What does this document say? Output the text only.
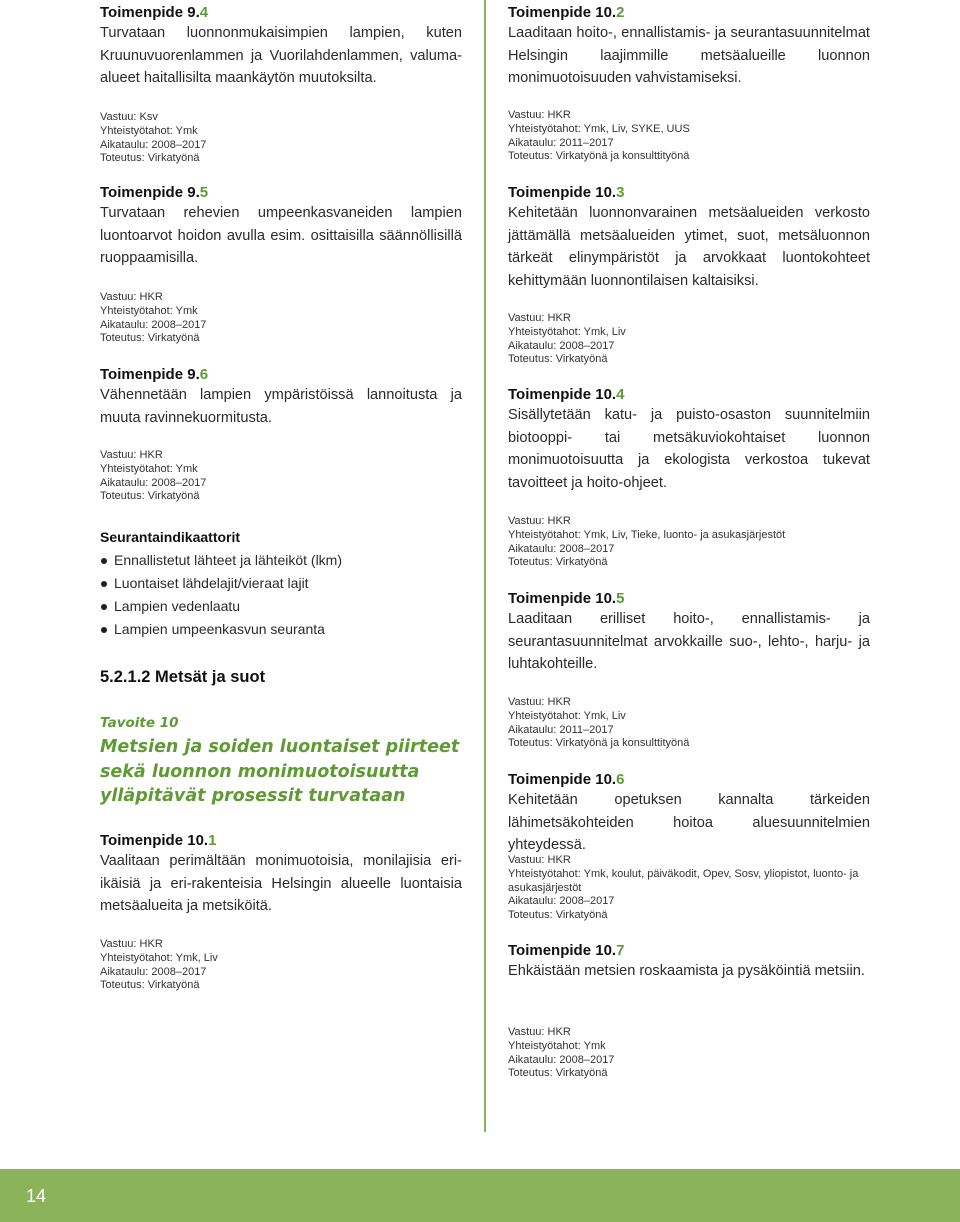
Toimenpide 9.4

Turvataan luonnonmukaisimpien lampien, kuten Kruunuvuorenlammen ja Vuorilahdenlammen, valuma-alueet haitallisilta maankäytön muutoksilta.

Vastuu: Ksv
Yhteistyötahot: Ymk
Aikataulu: 2008–2017
Toteutus: Virkatyönä

Toimenpide 9.5

Turvataan rehevien umpeenkasvaneiden lampien luontoarvot hoidon avulla esim. osittaisilla säännöllisillä ruoppaamisilla.

Vastuu: HKR
Yhteistyötahot: Ymk
Aikataulu: 2008–2017
Toteutus: Virkatyönä

Toimenpide 9.6

Vähennetään lampien ympäristöissä lannoitusta ja muuta ravinnekuormitusta.

Vastuu: HKR
Yhteistyötahot: Ymk
Aikataulu: 2008–2017
Toteutus: Virkatyönä

Seurantaindikaattorit

Ennallistetut lähteet ja lähteiköt (lkm)
Luontaiset lähdelajit/vieraat lajit
Lampien vedenlaatu
Lampien umpeenkasvun seuranta

5.2.1.2 Metsät ja suot

Tavoite 10

Metsien ja soiden luontaiset piirteet sekä luonnon monimuotoisuutta ylläpitävät prosessit turvataan

Toimenpide 10.1

Vaalitaan perimältään monimuotoisia, monilajisia eri-ikäisiä ja eri-rakenteisia Helsingin alueelle luontaisia metsäalueita ja metsiköitä.

Vastuu: HKR
Yhteistyötahot: Ymk, Liv
Aikataulu: 2008–2017
Toteutus: Virkatyönä

Toimenpide 10.2

Laaditaan hoito-, ennallistamis- ja seurantasuunnitelmat Helsingin laajimmille metsäalueille luonnon monimuotoisuuden vahvistamiseksi.

Vastuu: HKR
Yhteistyötahot: Ymk, Liv, SYKE, UUS
Aikataulu: 2011–2017
Toteutus: Virkatyönä ja konsulttityönä

Toimenpide 10.3

Kehitetään luonnonvarainen metsäalueiden verkosto jättämällä metsäalueiden ytimet, suot, metsäluonnon tärkeät elinympäristöt ja arvokkaat luontokohteet kehittymään luonnontilaisen kaltaisiksi.

Vastuu: HKR
Yhteistyötahot: Ymk, Liv
Aikataulu: 2008–2017
Toteutus: Virkatyönä

Toimenpide 10.4

Sisällytetään katu- ja puisto-osaston suunnitelmiin biotooppi- tai metsäkuviokohtaiset luonnon monimuotoisuutta ja ekologista verkostoa tukevat tavoitteet ja hoito-ohjeet.

Vastuu: HKR
Yhteistyötahot: Ymk, Liv, Tieke, luonto- ja asukasjärjestöt
Aikataulu: 2008–2017
Toteutus: Virkatyönä

Toimenpide 10.5

Laaditaan erilliset hoito-, ennallistamis- ja seurantasuunnitelmat arvokkaille suo-, lehto-, harju- ja luhtakohteille.

Vastuu: HKR
Yhteistyötahot: Ymk, Liv
Aikataulu: 2011–2017
Toteutus: Virkatyönä ja konsulttityönä

Toimenpide 10.6

Kehitetään opetuksen kannalta tärkeiden lähimetsäkohteiden hoitoa aluesuunnitelmien yhteydessä.

Vastuu: HKR
Yhteistyötahot: Ymk, koulut, päiväkodit, Opev, Sosv, yliopistot, luonto- ja asukasjärjestöt
Aikataulu: 2008–2017
Toteutus: Virkatyönä

Toimenpide 10.7

Ehkäistään metsien roskaamista ja pysäköintiä metsiin.

Vastuu: HKR
Yhteistyötahot: Ymk
Aikataulu: 2008–2017
Toteutus: Virkatyönä
14
